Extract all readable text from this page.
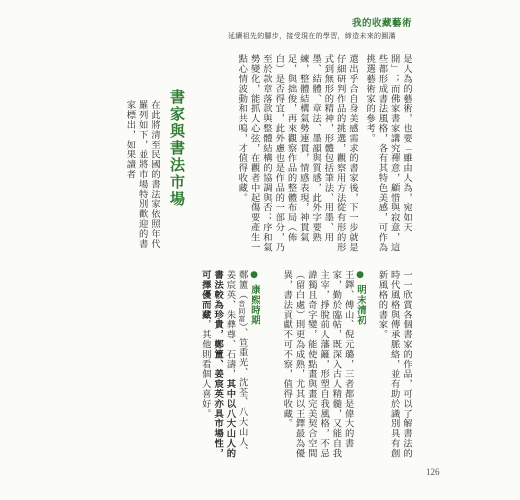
我的收藏藝術
延續祖先的腳步，接受現在的學習，締造未來的圓滿

是人為的藝術，也要「雖由人為，宛如天開」；而佛家書家講究禪意，顧惜與寂意，這些都形成書法風格，各有其特色美感，可作為挑選藝術家的參考。

還出乎合自身美感需求的書家後，下一步就是仔細研判作品的挑選，觀察用方法從有形的形式到無形的精神，形體包括筆法、用墨、用墨、結體、章法、墨韻與質感，此外字要熟練，整體結構氣勢連貫，情感表現，神貫氣足，與拙俊，再來觀察作品的整體布局（佈白）是否得宜，此外慮也是作品的一部分，乃至於款章落款與整體結構的協調與否；序和氣勢變化，能抓人心弦，在觀者中起傷要產生一點心情波動和共鳴，才值得收藏。

書家與書法市場

在此將清至民國的書法家依照年代羅列如下，並將市場特別歡迎的書家標出，如果讀者

一一欣賞各個書家的作品，可以了解書法的時代風格與傳承脈絡，並有助於識別具有創新風格的書家。

●明末清初

王鐸、傅山、倪元璐，三者都是偉大的書家，勤於臨帖，既深入古人精髓，又能自我主宰，掙脫前人藩籬，形塑自我風格，不忌諱獨且奇字變，能使點畫與畫完美契合空間（留白處）則更為成熟，尤其以王鐸最為優異，書法貢獻不可不察，值得收藏。

●康熙時期

鄭簠（音同富）、笪重光、沈荃、八大山人、姜宸英、朱彝尊、石濤，其中以八大山人的書法較為珍貴，鄭簠、姜宸英亦具市場性，可擇優而藏，其他則看個人喜好。

126
